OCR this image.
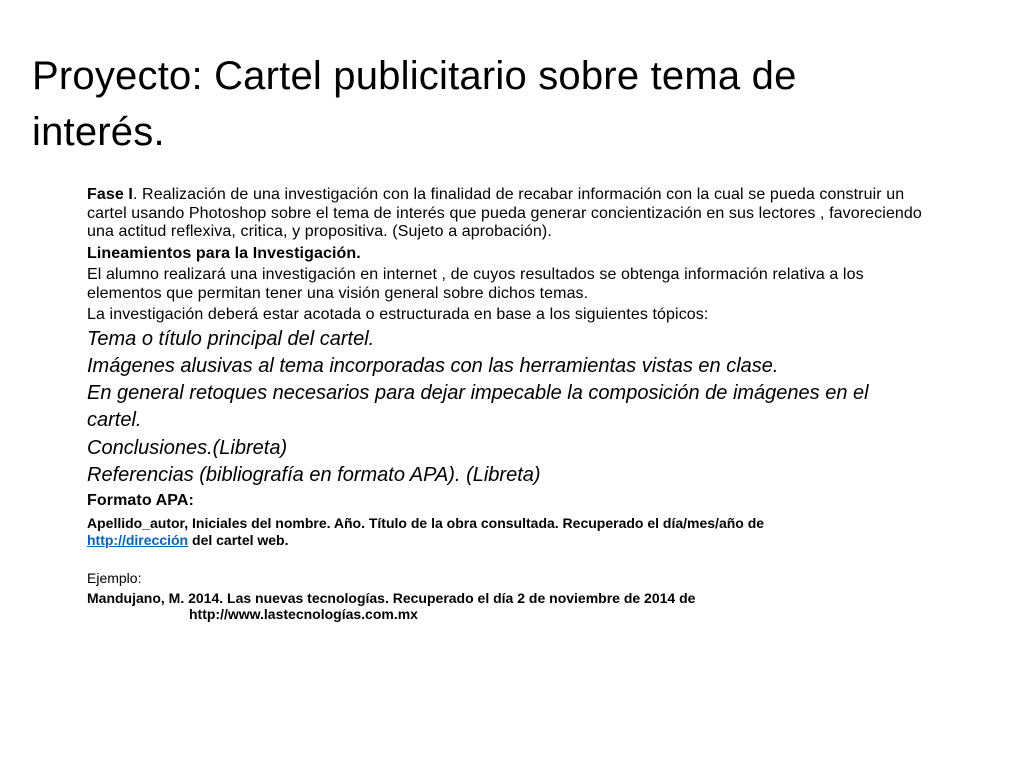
Proyecto: Cartel publicitario sobre tema de interés.

Fase I. Realización de una investigación con la finalidad de recabar información con la cual se pueda construir un cartel usando Photoshop sobre el tema de interés que pueda generar concientización en sus lectores , favoreciendo una actitud reflexiva, critica, y propositiva. (Sujeto a aprobación).

Lineamientos para la Investigación.

El alumno realizará una investigación en internet , de cuyos resultados se obtenga información relativa a los elementos que permitan tener una visión general sobre dichos temas.

La investigación deberá estar acotada o estructurada en base a los siguientes tópicos:

Tema o título principal del cartel.

Imágenes alusivas al tema incorporadas con las herramientas vistas en clase.

En general retoques necesarios para dejar impecable la composición de imágenes en el cartel.

Conclusiones.(Libreta)

Referencias (bibliografía en formato APA). (Libreta)

Formato APA:

Apellido_autor, Iniciales del nombre. Año. Título de la obra consultada. Recuperado el día/mes/año de
http://dirección del cartel web.

Ejemplo:

Mandujano, M. 2014. Las nuevas tecnologías. Recuperado el día 2 de noviembre de 2014 de
http://www.lastecnologías.com.mx
